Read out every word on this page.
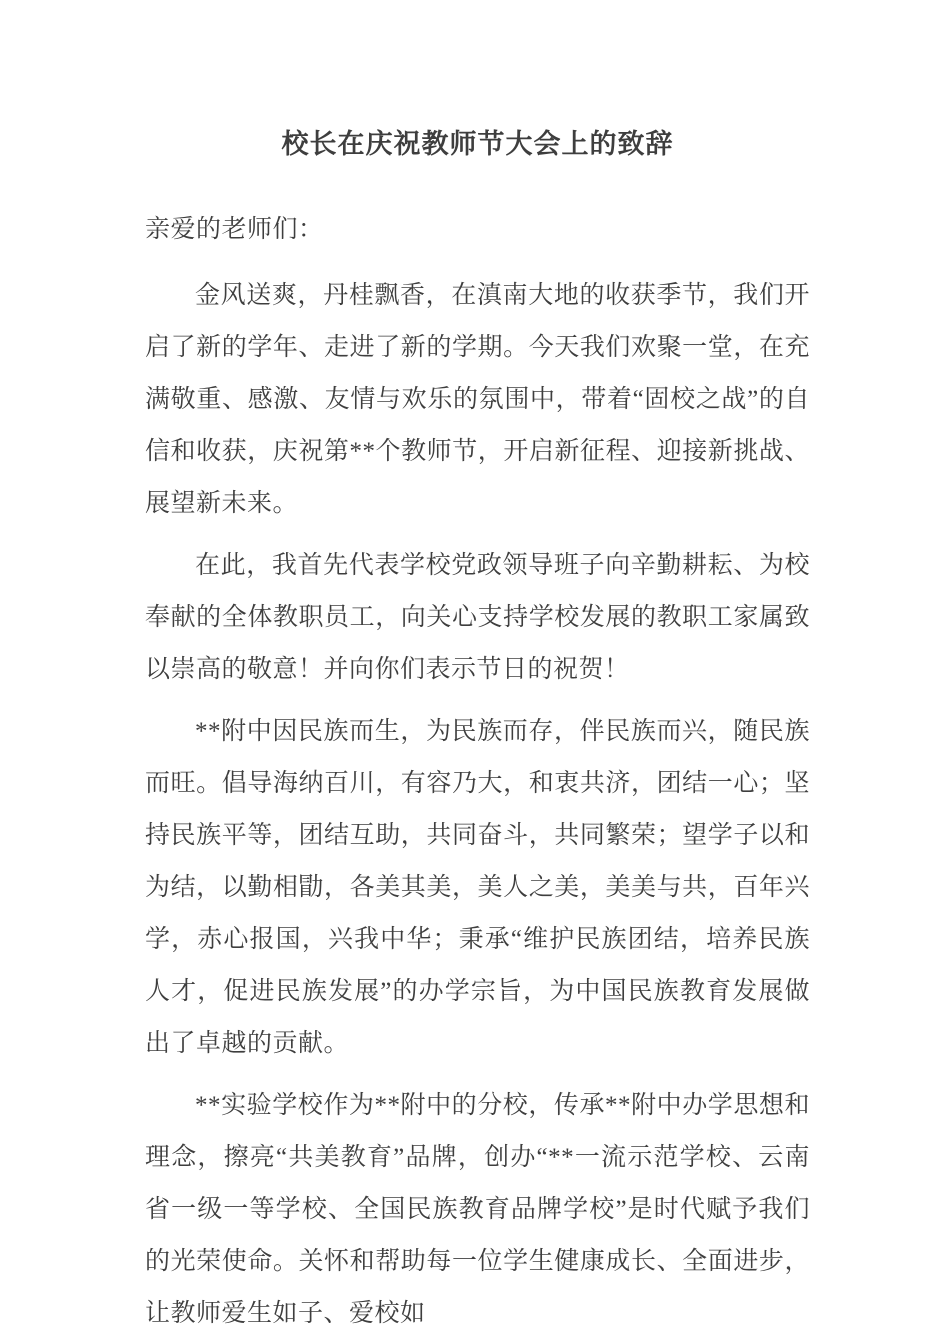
校长在庆祝教师节大会上的致辞

亲爱的老师们：

金风送爽，丹桂飘香，在滇南大地的收获季节，我们开启了新的学年、走进了新的学期。今天我们欢聚一堂，在充满敬重、感激、友情与欢乐的氛围中，带着“固校之战”的自信和收获，庆祝第**个教师节，开启新征程、迎接新挑战、展望新未来。

在此，我首先代表学校党政领导班子向辛勤耕耘、为校奉献的全体教职员工，向关心支持学校发展的教职工家属致以崇高的敬意！并向你们表示节日的祝贺！

**附中因民族而生，为民族而存，伴民族而兴，随民族而旺。倡导海纳百川，有容乃大，和衷共济，团结一心；坚持民族平等，团结互助，共同奋斗，共同繁荣；望学子以和为结，以勤相勖，各美其美，美人之美，美美与共，百年兴学，赤心报国，兴我中华；秉承“维护民族团结，培养民族人才，促进民族发展”的办学宗旨，为中国民族教育发展做出了卓越的贡献。

**实验学校作为**附中的分校，传承**附中办学思想和理念，擦亮“共美教育”品牌，创办“**一流示范学校、云南省一级一等学校、全国民族教育品牌学校”是时代赋予我们的光荣使命。关怀和帮助每一位学生健康成长、全面进步，让教师爱生如子、爱校如
